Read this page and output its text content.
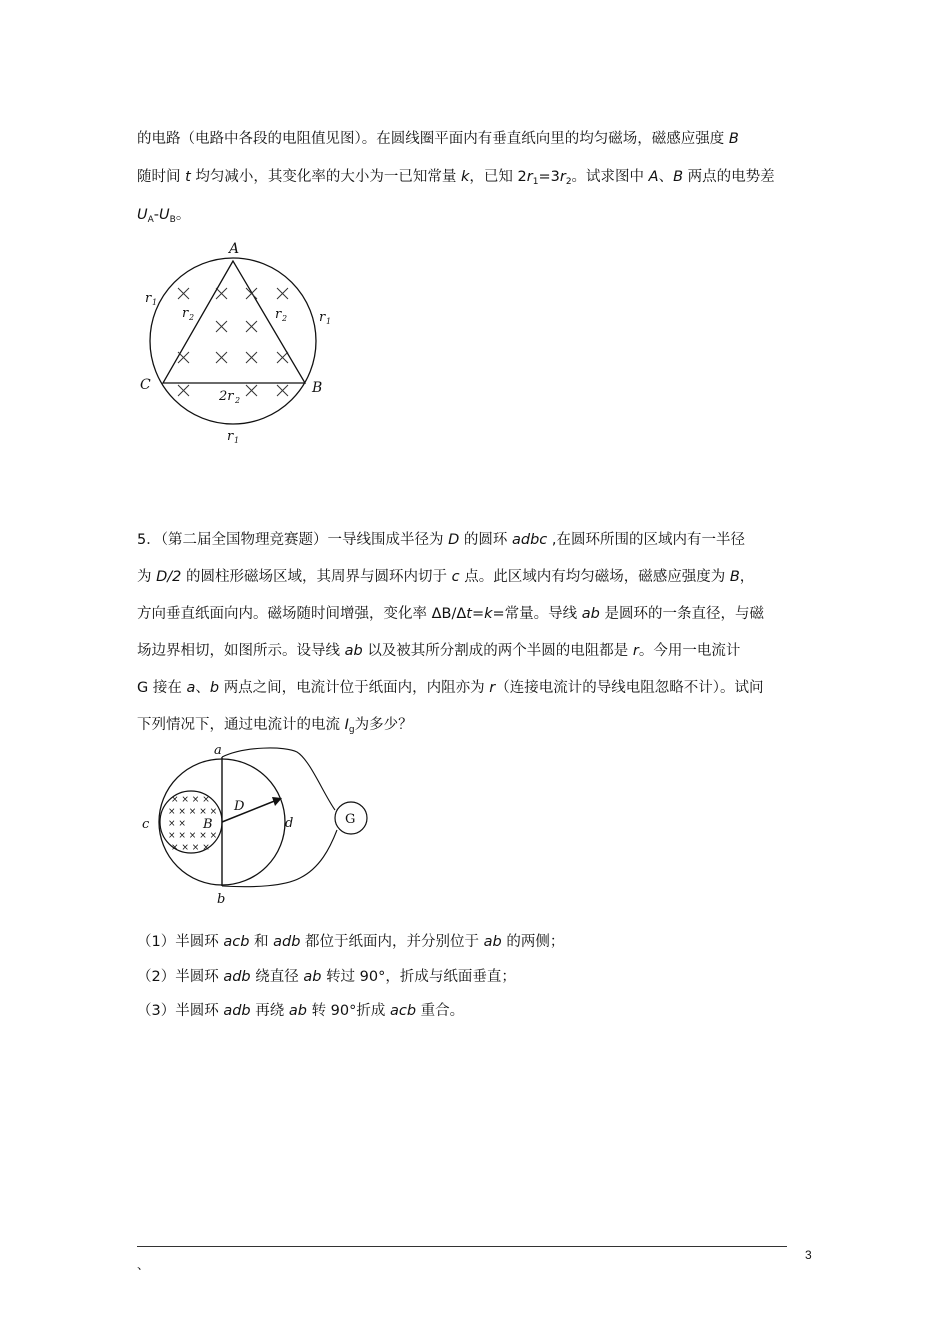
的电路（电路中各段的电阻值见图）。在圆线圈平面内有垂直纸向里的均匀磁场，磁感应强度 B
随时间 t 均匀减小，其变化率的大小为一已知常量 k，已知 $2r_1=3r_2$。试求图中 A、B 两点的电势差
$U_A-U_B$。
A
C	B
r 1
r 1
r 1
r 2	r 2
2r 2
5．（第二届全国物理竞赛题）一导线围成半径为 D 的圆环 adbc ,在圆环所围的区域内有一半径
为 D/2 的圆柱形磁场区域，其周界与圆环内切于 c 点。此区域内有均匀磁场，磁感应强度为 B，
方向垂直纸面向内。磁场随时间增强，变化率 ΔB/Δt=k=常量。导线 ab 是圆环的一条直径，与磁
场边界相切，如图所示。设导线 ab 以及被其所分割成的两个半圆的电阻都是 r。今用一电流计
G 接在 a、b 两点之间，电流计位于纸面内，内阻亦为 r（连接电流计的导线电阻忽略不计）。试问
下列情况下，通过电流计的电流 $I_g$为多少？
× × × ×
× × × × ×
× ×
× × × × ×
× × × ×
G
a
b
c	d
D
B
（1）半圆环 acb 和 adb 都位于纸面内，并分别位于 ab 的两侧；
（2）半圆环 adb 绕直径 ab 转过 90°，折成与纸面垂直；
（3）半圆环 adb 再绕 ab 转 90°折成 acb 重合。
3
、
